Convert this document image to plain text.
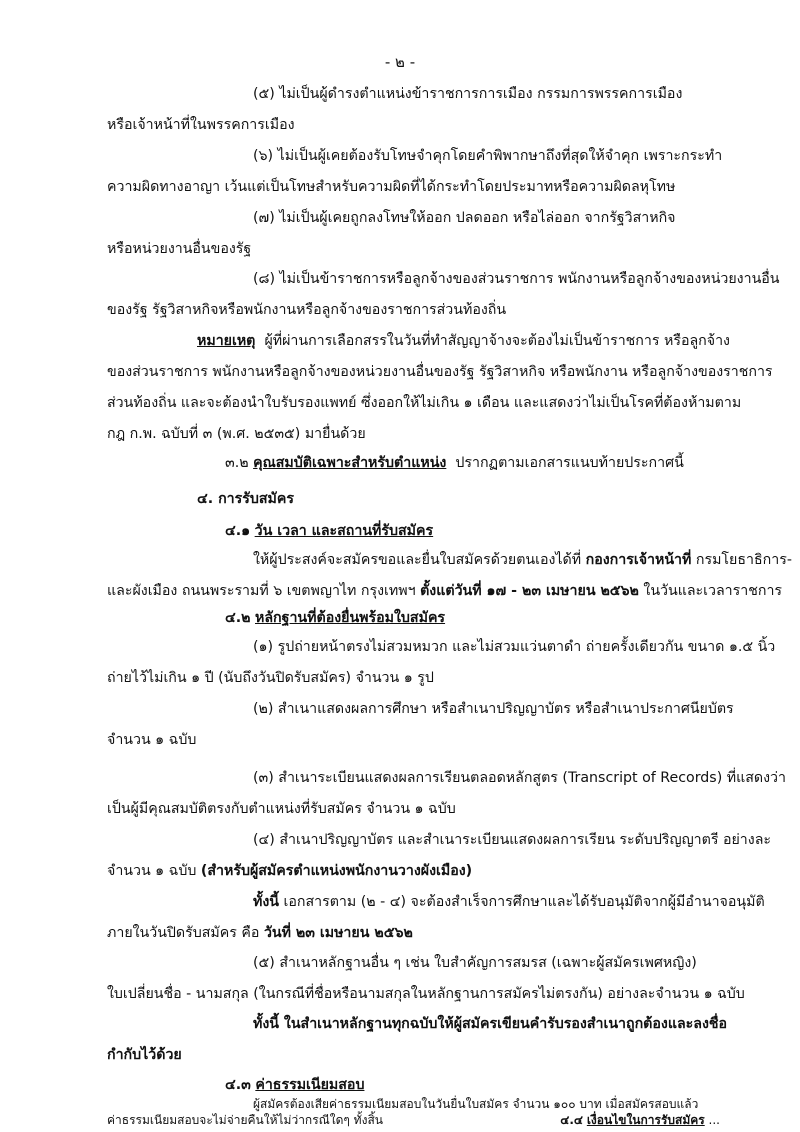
- ๒ -
(๕) ไม่เป็นผู้ดำรงตำแหน่งข้าราชการการเมือง กรรมการพรรคการเมือง
หรือเจ้าหน้าที่ในพรรคการเมือง
(๖) ไม่เป็นผู้เคยต้องรับโทษจำคุกโดยคำพิพากษาถึงที่สุดให้จำคุก เพราะกระทำ
ความผิดทางอาญา เว้นแต่เป็นโทษสำหรับความผิดที่ได้กระทำโดยประมาทหรือความผิดลหุโทษ
(๗) ไม่เป็นผู้เคยถูกลงโทษให้ออก ปลดออก หรือไล่ออก จากรัฐวิสาหกิจ
หรือหน่วยงานอื่นของรัฐ
(๘) ไม่เป็นข้าราชการหรือลูกจ้างของส่วนราชการ พนักงานหรือลูกจ้างของหน่วยงานอื่น
ของรัฐ รัฐวิสาหกิจหรือพนักงานหรือลูกจ้างของราชการส่วนท้องถิ่น
หมายเหตุ ผู้ที่ผ่านการเลือกสรรในวันที่ทำสัญญาจ้างจะต้องไม่เป็นข้าราชการ หรือลูกจ้าง
ของส่วนราชการ พนักงานหรือลูกจ้างของหน่วยงานอื่นของรัฐ รัฐวิสาหกิจ หรือพนักงาน หรือลูกจ้างของราชการ
ส่วนท้องถิ่น และจะต้องนำใบรับรองแพทย์ ซึ่งออกให้ไม่เกิน ๑ เดือน และแสดงว่าไม่เป็นโรคที่ต้องห้ามตาม
กฎ ก.พ. ฉบับที่ ๓ (พ.ศ. ๒๕๓๕) มายื่นด้วย
๓.๒ คุณสมบัติเฉพาะสำหรับตำแหน่ง ปรากฏตามเอกสารแนบท้ายประกาศนี้
๔. การรับสมัคร
๔.๑ วัน เวลา และสถานที่รับสมัคร
ให้ผู้ประสงค์จะสมัครขอและยื่นใบสมัครด้วยตนเองได้ที่ กองการเจ้าหน้าที่ กรมโยธาธิการ-
และผังเมือง ถนนพระรามที่ ๖ เขตพญาไท กรุงเทพฯ ตั้งแต่วันที่ ๑๗ - ๒๓ เมษายน ๒๕๖๒ ในวันและเวลาราชการ
๔.๒ หลักฐานที่ต้องยื่นพร้อมใบสมัคร
(๑) รูปถ่ายหน้าตรงไม่สวมหมวก และไม่สวมแว่นตาดำ ถ่ายครั้งเดียวกัน ขนาด ๑.๕ นิ้ว
ถ่ายไว้ไม่เกิน ๑ ปี (นับถึงวันปิดรับสมัคร) จำนวน ๑ รูป
(๒) สำเนาแสดงผลการศึกษา หรือสำเนาปริญญาบัตร หรือสำเนาประกาศนียบัตร
จำนวน ๑ ฉบับ
(๓) สำเนาระเบียนแสดงผลการเรียนตลอดหลักสูตร (Transcript of Records) ที่แสดงว่า
เป็นผู้มีคุณสมบัติตรงกับตำแหน่งที่รับสมัคร จำนวน ๑ ฉบับ
(๔) สำเนาปริญญาบัตร และสำเนาระเบียนแสดงผลการเรียน ระดับปริญญาตรี อย่างละ
จำนวน ๑ ฉบับ (สำหรับผู้สมัครตำแหน่งพนักงานวางผังเมือง)
ทั้งนี้ เอกสารตาม (๒ - ๔) จะต้องสำเร็จการศึกษาและได้รับอนุมัติจากผู้มีอำนาจอนุมัติ
ภายในวันปิดรับสมัคร คือ วันที่ ๒๓ เมษายน ๒๕๖๒
(๕) สำเนาหลักฐานอื่น ๆ เช่น ใบสำคัญการสมรส (เฉพาะผู้สมัครเพศหญิง)
ใบเปลี่ยนชื่อ - นามสกุล (ในกรณีที่ชื่อหรือนามสกุลในหลักฐานการสมัครไม่ตรงกัน) อย่างละจำนวน ๑ ฉบับ
ทั้งนี้ ในสำเนาหลักฐานทุกฉบับให้ผู้สมัครเขียนคำรับรองสำเนาถูกต้องและลงชื่อ
กำกับไว้ด้วย
๔.๓ ค่าธรรมเนียมสอบ
ผู้สมัครต้องเสียค่าธรรมเนียมสอบในวันยื่นใบสมัคร จำนวน ๑๐๐ บาท เมื่อสมัครสอบแล้ว
ค่าธรรมเนียมสอบจะไม่จ่ายคืนให้ไม่ว่ากรณีใดๆ ทั้งสิ้น	๔.๔ เงื่อนไขในการรับสมัคร ...
